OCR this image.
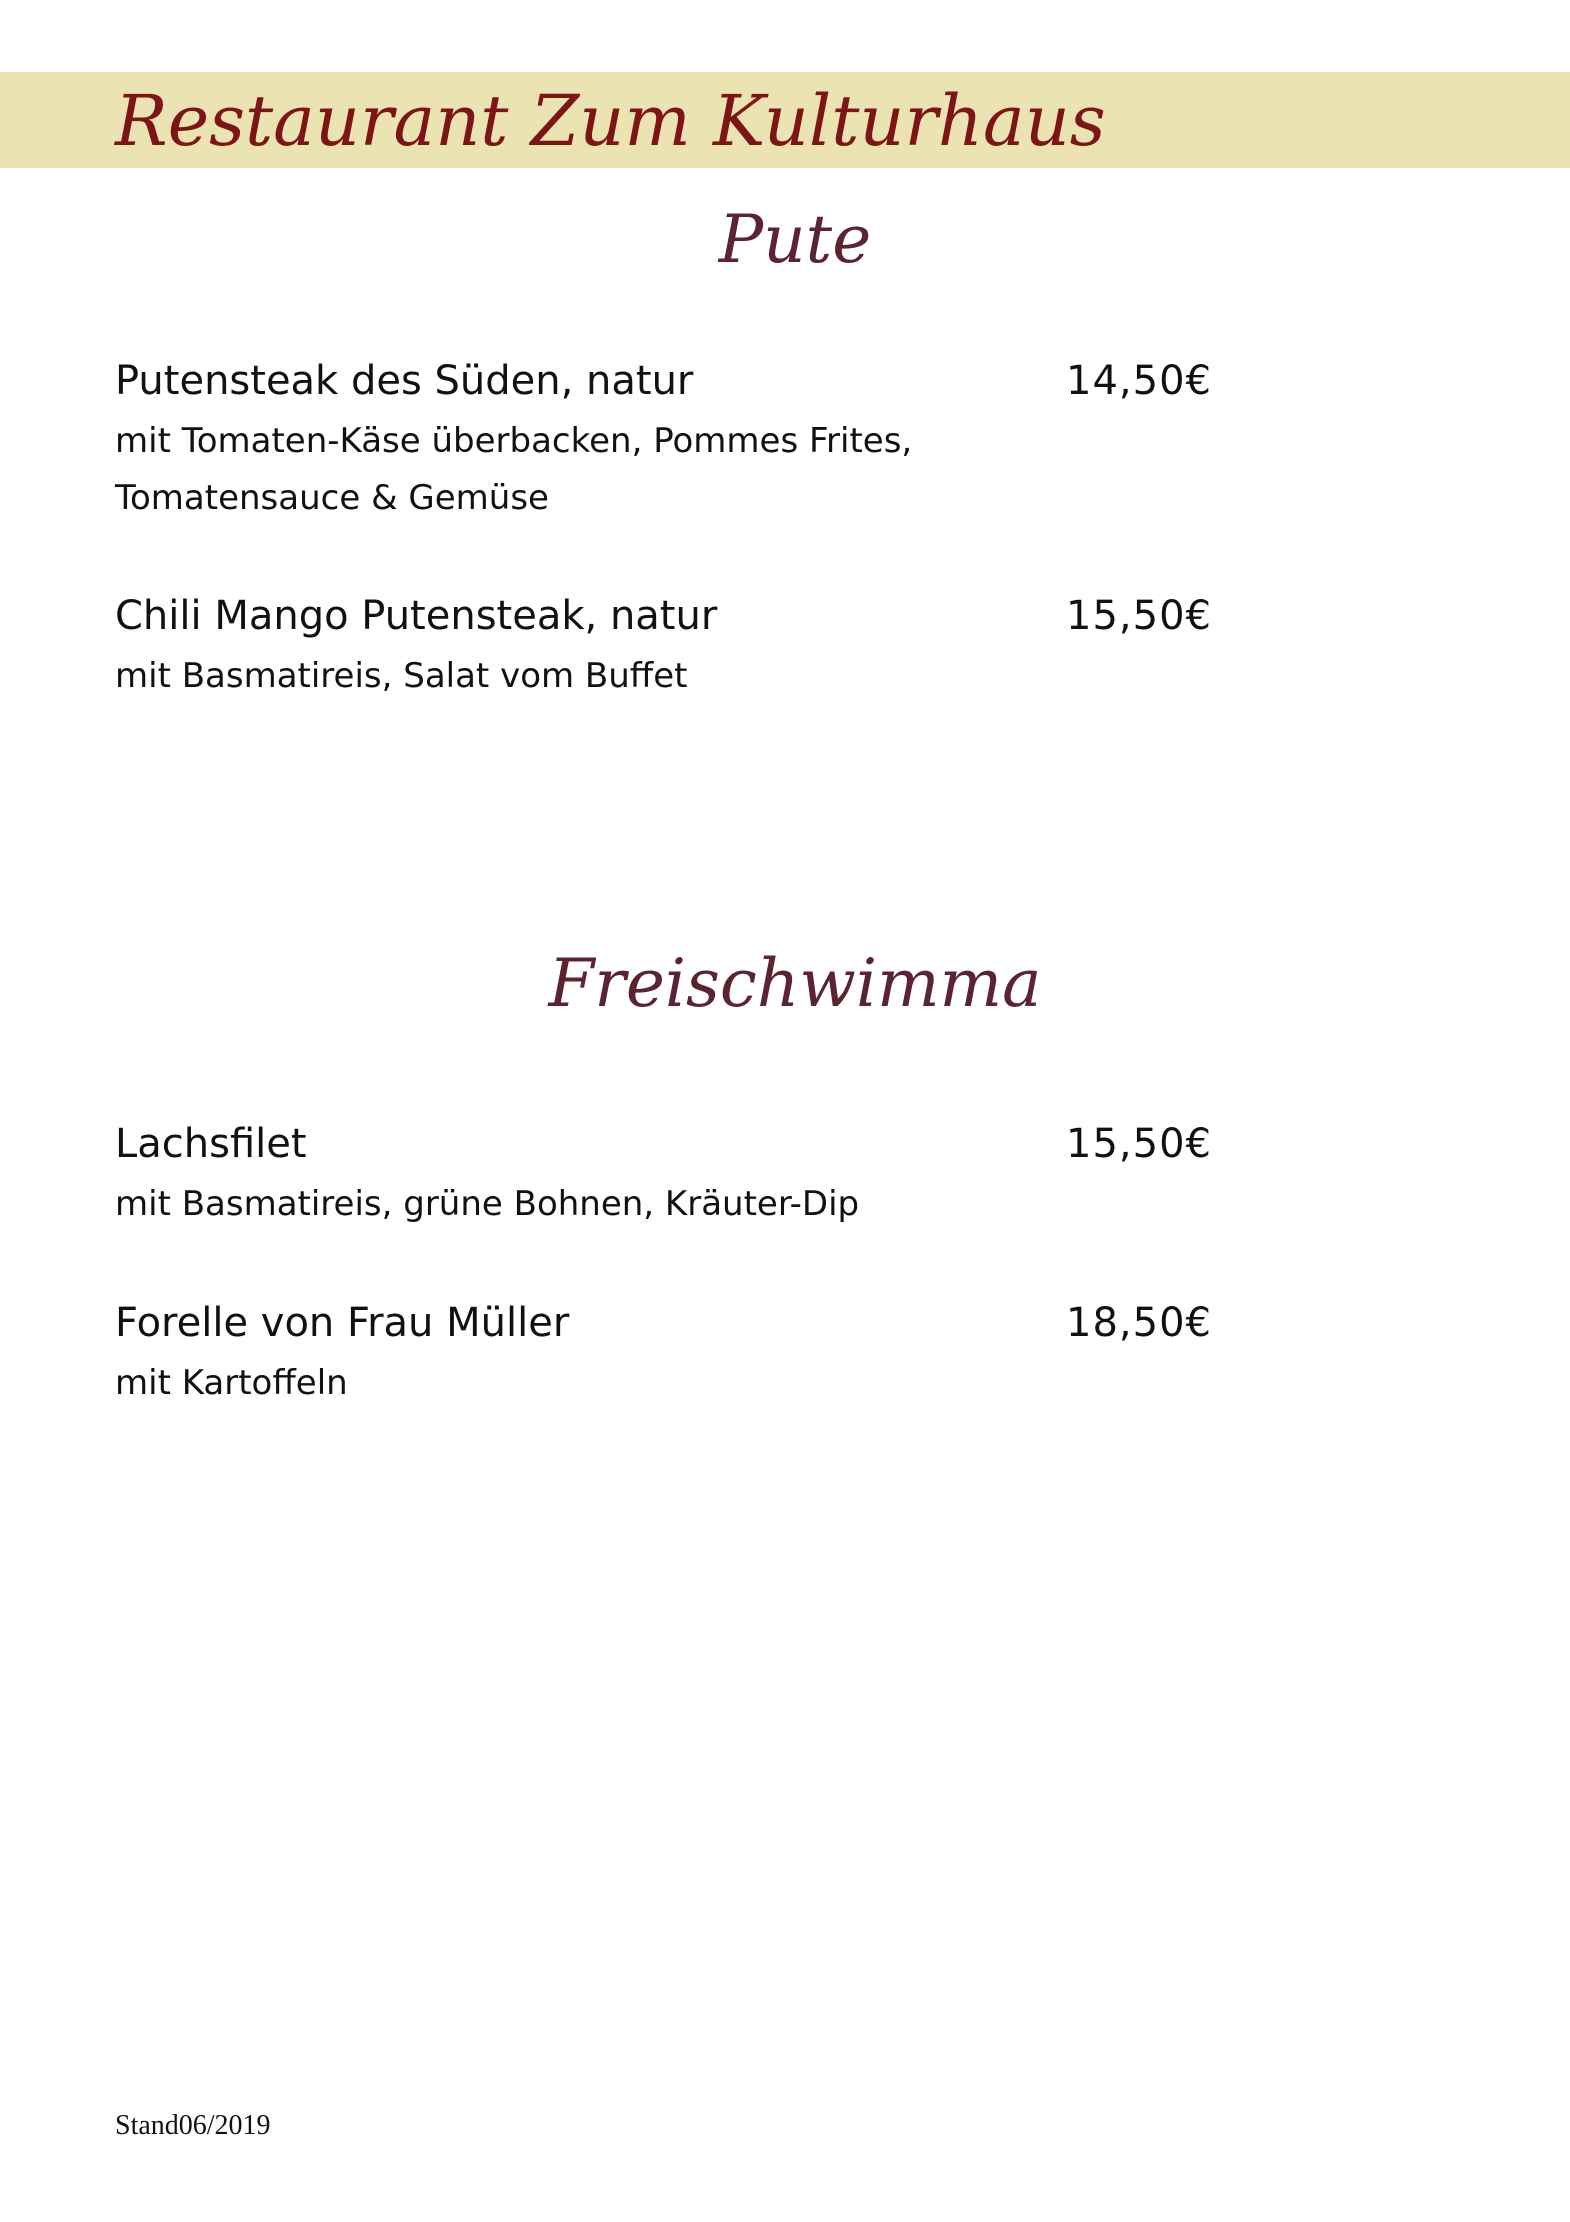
Restaurant Zum Kulturhaus
Pute
Putensteak des Süden, natur	14,50€
mit Tomaten-Käse überbacken, Pommes Frites,
Tomatensauce & Gemüse
Chili Mango Putensteak, natur	15,50€
mit Basmatireis, Salat vom Buffet
Freischwimma
Lachsfilet	15,50€
mit Basmatireis, grüne Bohnen, Kräuter-Dip
Forelle von Frau Müller	18,50€
mit Kartoffeln
Stand06/2019
